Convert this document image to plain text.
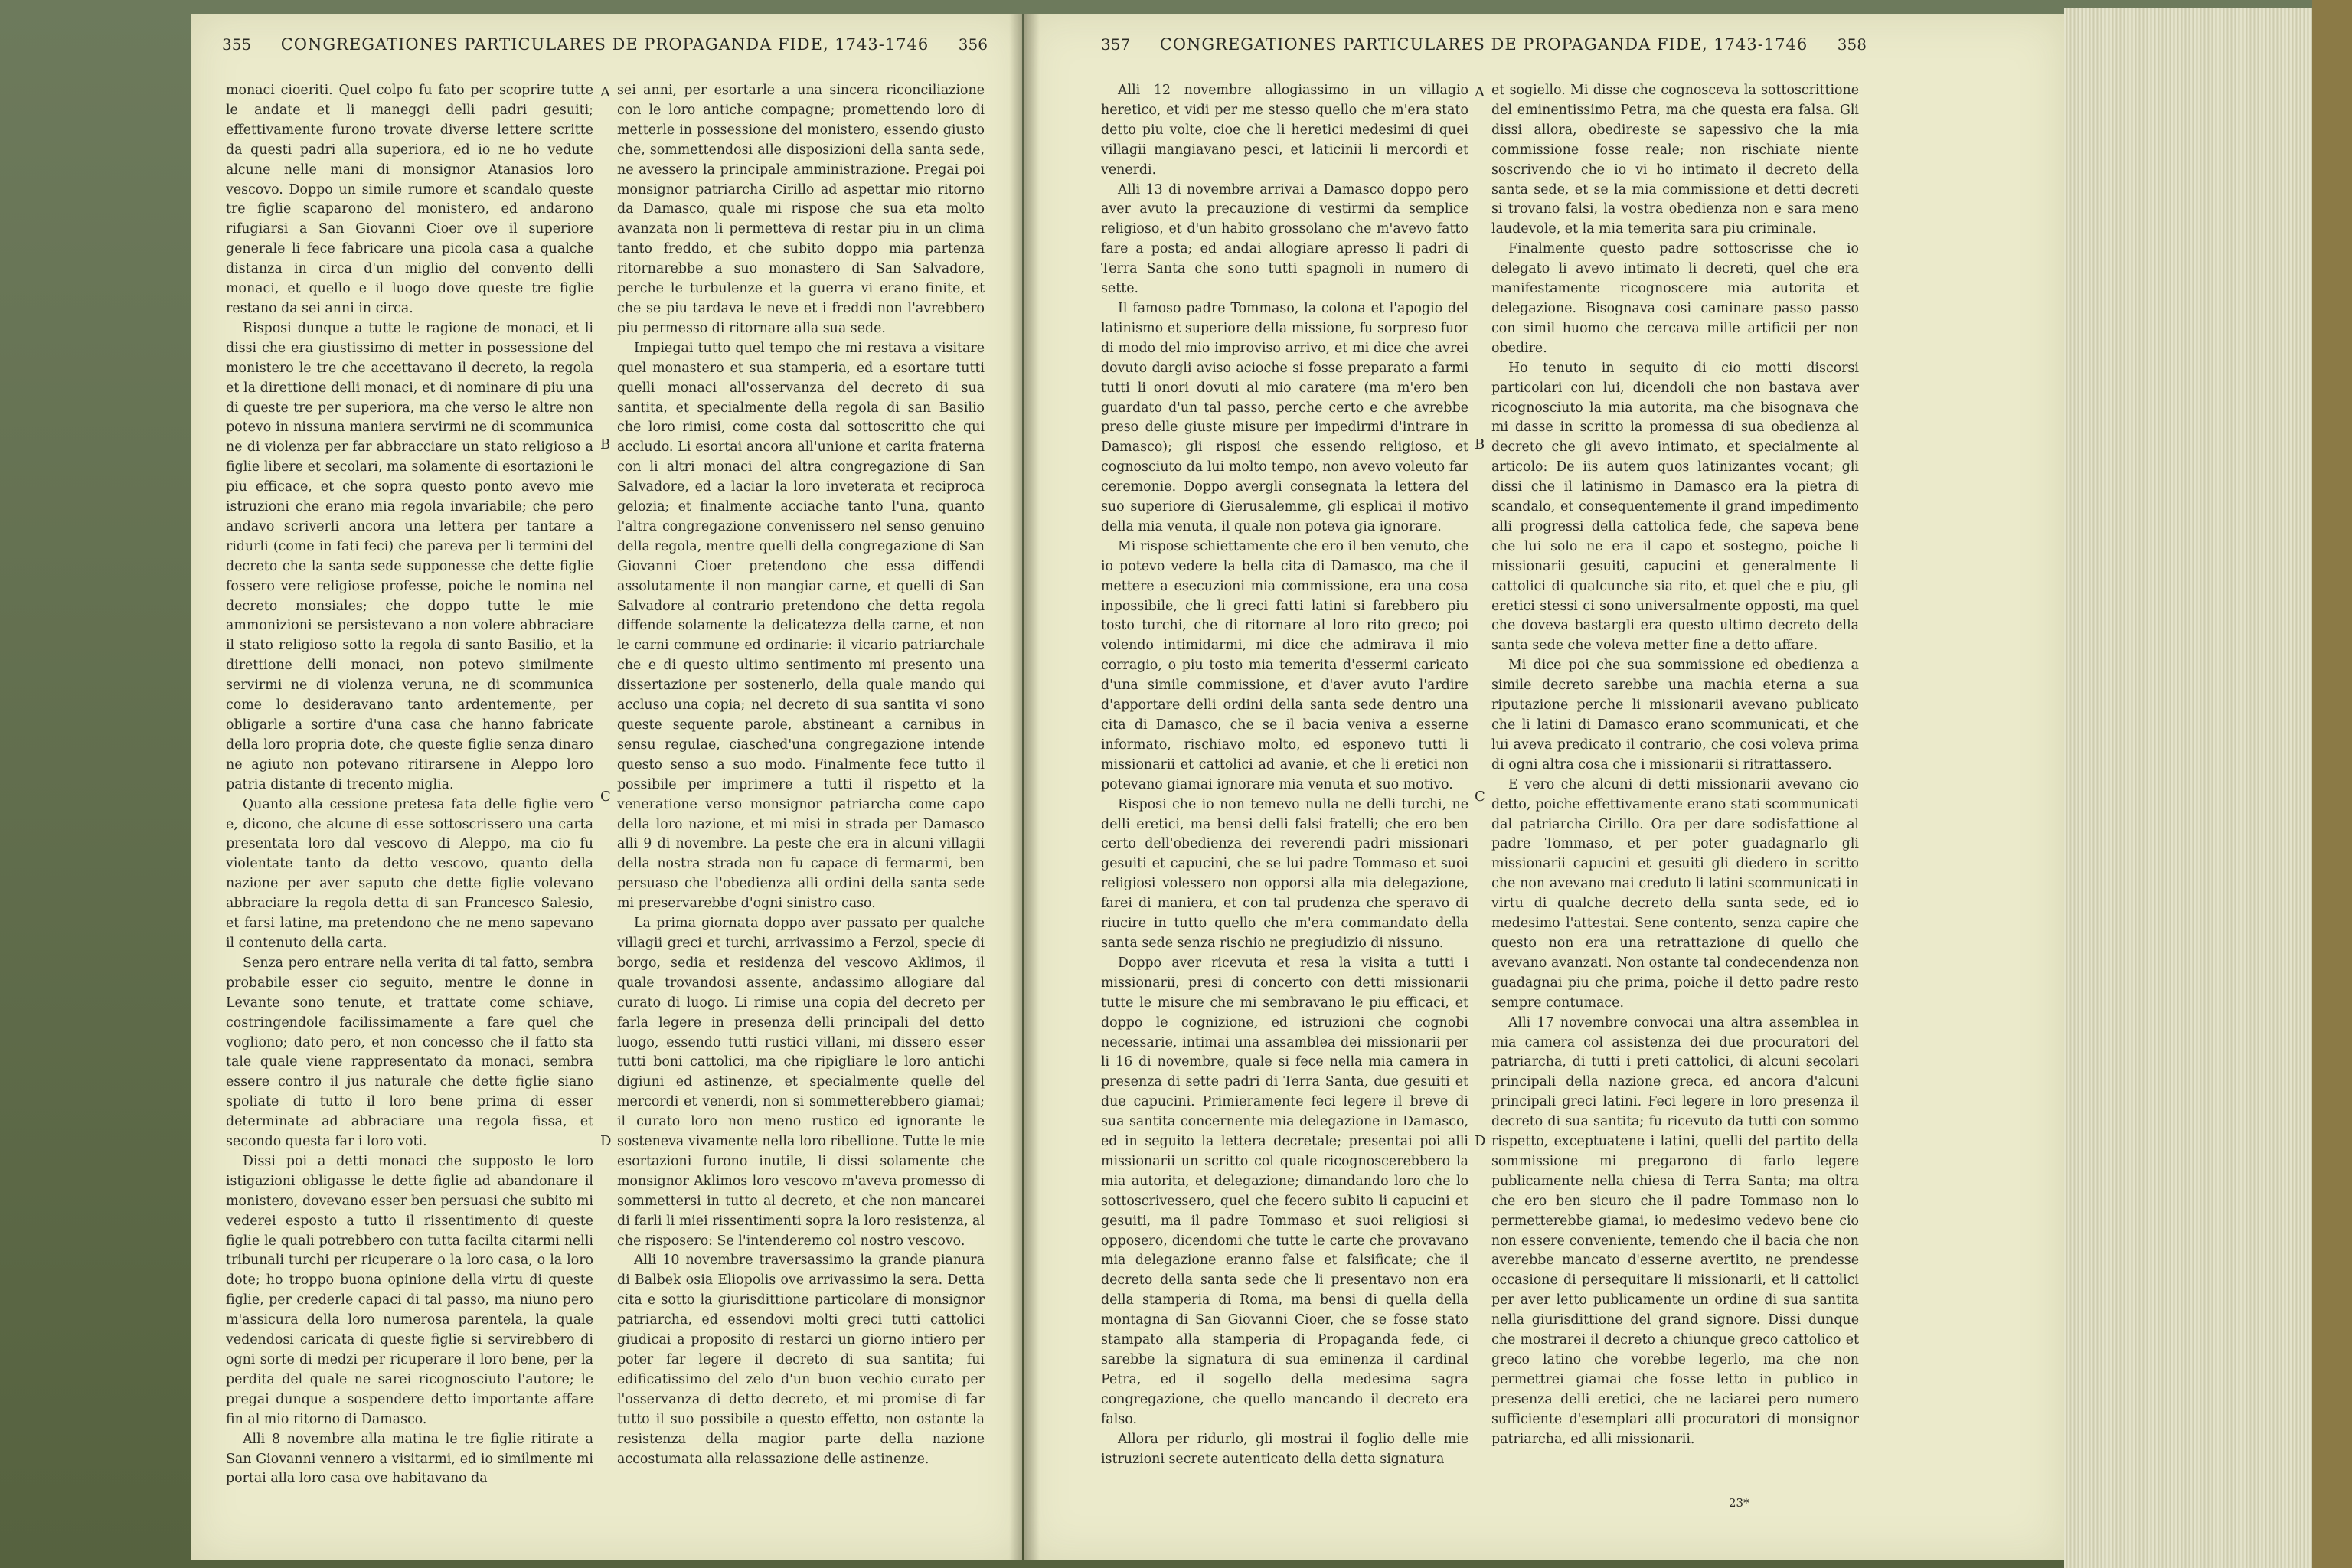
355 CONGREGATIONES PARTICULARES DE PROPAGANDA FIDE, 1743-1746 356

monaci cioeriti. Quel colpo fu fato per scoprire tutte le andate et li maneggi delli padri gesuiti; effettivamente furono trovate diverse lettere scritte da questi padri alla superiora, ed io ne ho vedute alcune nelle mani di monsignor Atanasios loro vescovo. Doppo un simile rumore et scandalo queste tre figlie scaparono del monistero, ed andarono rifugiarsi a San Giovanni Cioer ove il superiore generale li fece fabricare una picola casa a qualche distanza in circa d'un miglio del convento delli monaci, et quello e il luogo dove queste tre figlie restano da sei anni in circa.

Risposi dunque a tutte le ragione de monaci, et li dissi che era giustissimo di metter in possessione del monistero le tre che accettavano il decreto, la regola et la direttione delli monaci, et di nominare di piu una di queste tre per superiora, ma che verso le altre non potevo in nissuna maniera servirmi ne di scommunica ne di violenza per far abbracciare un stato religioso a figlie libere et secolari, ma solamente di esortazioni le piu efficace, et che sopra questo ponto avevo mie istruzioni che erano mia regola invariabile; che pero andavo scriverli ancora una lettera per tantare a ridurli (come in fati feci) che pareva per li termini del decreto che la santa sede supponesse che dette figlie fossero vere religiose professe, poiche le nomina nel decreto monsiales; che doppo tutte le mie ammonizioni se persistevano a non volere abbraciare il stato religioso sotto la regola di santo Basilio, et la direttione delli monaci, non potevo similmente servirmi ne di violenza veruna, ne di scommunica come lo desideravano tanto ardentemente, per obligarle a sortire d'una casa che hanno fabricate della loro propria dote, che queste figlie senza dinaro ne agiuto non potevano ritirarsene in Aleppo loro patria distante di trecento miglia.

Quanto alla cessione pretesa fata delle figlie vero e, dicono, che alcune di esse sottoscrissero una carta presentata loro dal vescovo di Aleppo, ma cio fu violentate tanto da detto vescovo, quanto della nazione per aver saputo che dette figlie volevano abbraciare la regola detta di san Francesco Salesio, et farsi latine, ma pretendono che ne meno sapevano il contenuto della carta.

Senza pero entrare nella verita di tal fatto, sembra probabile esser cio seguito, mentre le donne in Levante sono tenute, et trattate come schiave, costringendole facilissimamente a fare quel che vogliono; dato pero, et non concesso che il fatto sta tale quale viene rappresentato da monaci, sembra essere contro il jus naturale che dette figlie siano spoliate di tutto il loro bene prima di esser determinate ad abbraciare una regola fissa, et secondo questa far i loro voti.

Dissi poi a detti monaci che supposto le loro istigazioni obligasse le dette figlie ad abandonare il monistero, dovevano esser ben persuasi che subito mi vederei esposto a tutto il rissentimento di queste figlie le quali potrebbero con tutta facilta citarmi nelli tribunali turchi per ricuperare o la loro casa, o la loro dote; ho troppo buona opinione della virtu di queste figlie, per crederle capaci di tal passo, ma niuno pero m'assicura della loro numerosa parentela, la quale vedendosi caricata di queste figlie si servirebbero di ogni sorte di medzi per ricuperare il loro bene, per la perdita del quale ne sarei ricognosciuto l'autore; le pregai dunque a sospendere detto importante affare fin al mio ritorno di Damasco.

Alli 8 novembre alla matina le tre figlie ritirate a San Giovanni vennero a visitarmi, ed io similmente mi portai alla loro casa ove habitavano da

A
B
C
D

sei anni, per esortarle a una sincera riconciliazione con le loro antiche compagne; promettendo loro di metterle in possessione del monistero, essendo giusto che, sommettendosi alle disposizioni della santa sede, ne avessero la principale amministrazione. Pregai poi monsignor patriarcha Cirillo ad aspettar mio ritorno da Damasco, quale mi rispose che sua eta molto avanzata non li permetteva di restar piu in un clima tanto freddo, et che subito doppo mia partenza ritornarebbe a suo monastero di San Salvadore, perche le turbulenze et la guerra vi erano finite, et che se piu tardava le neve et i freddi non l'avrebbero piu permesso di ritornare alla sua sede.

Impiegai tutto quel tempo che mi restava a visitare quel monastero et sua stamperia, ed a esortare tutti quelli monaci all'osservanza del decreto di sua santita, et specialmente della regola di san Basilio che loro rimisi, come costa dal sottoscritto che qui accludo. Li esortai ancora all'unione et carita fraterna con li altri monaci del altra congregazione di San Salvadore, ed a laciar la loro inveterata et reciproca gelozia; et finalmente acciache tanto l'una, quanto l'altra congregazione convenissero nel senso genuino della regola, mentre quelli della congregazione di San Giovanni Cioer pretendono che essa diffendi assolutamente il non mangiar carne, et quelli di San Salvadore al contrario pretendono che detta regola diffende solamente la delicatezza della carne, et non le carni commune ed ordinarie: il vicario patriarchale che e di questo ultimo sentimento mi presento una dissertazione per sostenerlo, della quale mando qui accluso una copia; nel decreto di sua santita vi sono queste sequente parole, abstineant a carnibus in sensu regulae, ciasched'una congregazione intende questo senso a suo modo. Finalmente fece tutto il possibile per imprimere a tutti il rispetto et la veneratione verso monsignor patriarcha come capo della loro nazione, et mi misi in strada per Damasco alli 9 di novembre. La peste che era in alcuni villagii della nostra strada non fu capace di fermarmi, ben persuaso che l'obedienza alli ordini della santa sede mi preservarebbe d'ogni sinistro caso.

La prima giornata doppo aver passato per qualche villagii greci et turchi, arrivassimo a Ferzol, specie di borgo, sedia et residenza del vescovo Aklimos, il quale trovandosi assente, andassimo allogiare dal curato di luogo. Li rimise una copia del decreto per farla legere in presenza delli principali del detto luogo, essendo tutti rustici villani, mi dissero esser tutti boni cattolici, ma che ripigliare le loro antichi digiuni ed astinenze, et specialmente quelle del mercordi et venerdi, non si sommetterebbero giamai; il curato loro non meno rustico ed ignorante le sosteneva vivamente nella loro ribellione. Tutte le mie esortazioni furono inutile, li dissi solamente che monsignor Aklimos loro vescovo m'aveva promesso di sommettersi in tutto al decreto, et che non mancarei di farli li miei rissentimenti sopra la loro resistenza, al che risposero: Se l'intenderemo col nostro vescovo.

Alli 10 novembre traversassimo la grande pianura di Balbek osia Eliopolis ove arrivassimo la sera. Detta cita e sotto la giurisdittione particolare di monsignor patriarcha, ed essendovi molti greci tutti cattolici giudicai a proposito di restarci un giorno intiero per poter far legere il decreto di sua santita; fui edificatissimo del zelo d'un buon vechio curato per l'osservanza di detto decreto, et mi promise di far tutto il suo possibile a questo effetto, non ostante la resistenza della magior parte della nazione accostumata alla relassazione delle astinenze.

357 CONGREGATIONES PARTICULARES DE PROPAGANDA FIDE, 1743-1746 358

Alli 12 novembre allogiassimo in un villagio heretico, et vidi per me stesso quello che m'era stato detto piu volte, cioe che li heretici medesimi di quei villagii mangiavano pesci, et laticinii li mercordi et venerdi.

Alli 13 di novembre arrivai a Damasco doppo pero aver avuto la precauzione di vestirmi da semplice religioso, et d'un habito grossolano che m'avevo fatto fare a posta; ed andai allogiare apresso li padri di Terra Santa che sono tutti spagnoli in numero di sette.

Il famoso padre Tommaso, la colona et l'apogio del latinismo et superiore della missione, fu sorpreso fuor di modo del mio improviso arrivo, et mi dice che avrei dovuto dargli aviso acioche si fosse preparato a farmi tutti li onori dovuti al mio caratere (ma m'ero ben guardato d'un tal passo, perche certo e che avrebbe preso delle giuste misure per impedirmi d'intrare in Damasco); gli risposi che essendo religioso, et cognosciuto da lui molto tempo, non avevo voleuto far ceremonie. Doppo avergli consegnata la lettera del suo superiore di Gierusalemme, gli esplicai il motivo della mia venuta, il quale non poteva gia ignorare.

Mi rispose schiettamente che ero il ben venuto, che io potevo vedere la bella cita di Damasco, ma che il mettere a esecuzioni mia commissione, era una cosa inpossibile, che li greci fatti latini si farebbero piu tosto turchi, che di ritornare al loro rito greco; poi volendo intimidarmi, mi dice che admirava il mio corragio, o piu tosto mia temerita d'essermi caricato d'una simile commissione, et d'aver avuto l'ardire d'apportare delli ordini della santa sede dentro una cita di Damasco, che se il bacia veniva a esserne informato, rischiavo molto, ed esponevo tutti li missionarii et cattolici ad avanie, et che li eretici non potevano giamai ignorare mia venuta et suo motivo.

Risposi che io non temevo nulla ne delli turchi, ne delli eretici, ma bensi delli falsi fratelli; che ero ben certo dell'obedienza dei reverendi padri missionari gesuiti et capucini, che se lui padre Tommaso et suoi religiosi volessero non opporsi alla mia delegazione, farei di maniera, et con tal prudenza che speravo di riucire in tutto quello che m'era commandato della santa sede senza rischio ne pregiudizio di nissuno.

Doppo aver ricevuta et resa la visita a tutti i missionarii, presi di concerto con detti missionarii tutte le misure che mi sembravano le piu efficaci, et doppo le cognizione, ed istruzioni che cognobi necessarie, intimai una assamblea dei missionarii per li 16 di novembre, quale si fece nella mia camera in presenza di sette padri di Terra Santa, due gesuiti et due capucini. Primieramente feci legere il breve di sua santita concernente mia delegazione in Damasco, ed in seguito la lettera decretale; presentai poi alli missionarii un scritto col quale ricognoscerebbero la mia autorita, et delegazione; dimandando loro che lo sottoscrivessero, quel che fecero subito li capucini et gesuiti, ma il padre Tommaso et suoi religiosi si opposero, dicendomi che tutte le carte che provavano mia delegazione eranno false et falsificate; che il decreto della santa sede che li presentavo non era della stamperia di Roma, ma bensi di quella della montagna di San Giovanni Cioer, che se fosse stato stampato alla stamperia di Propaganda fede, ci sarebbe la signatura di sua eminenza il cardinal Petra, ed il sogello della medesima sagra congregazione, che quello mancando il decreto era falso.

Allora per ridurlo, gli mostrai il foglio delle mie istruzioni secrete autenticato della detta signatura

A
B
C
D

et sogiello. Mi disse che cognosceva la sottoscrittione del eminentissimo Petra, ma che questa era falsa. Gli dissi allora, obedireste se sapessivo che la mia commissione fosse reale; non rischiate niente soscrivendo che io vi ho intimato il decreto della santa sede, et se la mia commissione et detti decreti si trovano falsi, la vostra obedienza non e sara meno laudevole, et la mia temerita sara piu criminale.

Finalmente questo padre sottoscrisse che io delegato li avevo intimato li decreti, quel che era manifestamente ricognoscere mia autorita et delegazione. Bisognava cosi caminare passo passo con simil huomo che cercava mille artificii per non obedire.

Ho tenuto in sequito di cio motti discorsi particolari con lui, dicendoli che non bastava aver ricognosciuto la mia autorita, ma che bisognava che mi dasse in scritto la promessa di sua obedienza al decreto che gli avevo intimato, et specialmente al articolo: De iis autem quos latinizantes vocant; gli dissi che il latinismo in Damasco era la pietra di scandalo, et consequentemente il grand impedimento alli progressi della cattolica fede, che sapeva bene che lui solo ne era il capo et sostegno, poiche li missionarii gesuiti, capucini et generalmente li cattolici di qualcunche sia rito, et quel che e piu, gli eretici stessi ci sono universalmente opposti, ma quel che doveva bastargli era questo ultimo decreto della santa sede che voleva metter fine a detto affare.

Mi dice poi che sua sommissione ed obedienza a simile decreto sarebbe una machia eterna a sua riputazione perche li missionarii avevano publicato che li latini di Damasco erano scommunicati, et che lui aveva predicato il contrario, che cosi voleva prima di ogni altra cosa che i missionarii si ritrattassero.

E vero che alcuni di detti missionarii avevano cio detto, poiche effettivamente erano stati scommunicati dal patriarcha Cirillo. Ora per dare sodisfattione al padre Tommaso, et per poter guadagnarlo gli missionarii capucini et gesuiti gli diedero in scritto che non avevano mai creduto li latini scommunicati in virtu di qualche decreto della santa sede, ed io medesimo l'attestai. Sene contento, senza capire che questo non era una retrattazione di quello che avevano avanzati. Non ostante tal condecendenza non guadagnai piu che prima, poiche il detto padre resto sempre contumace.

Alli 17 novembre convocai una altra assemblea in mia camera col assistenza dei due procuratori del patriarcha, di tutti i preti cattolici, di alcuni secolari principali della nazione greca, ed ancora d'alcuni principali greci latini. Feci legere in loro presenza il decreto di sua santita; fu ricevuto da tutti con sommo rispetto, exceptuatene i latini, quelli del partito della sommissione mi pregarono di farlo legere publicamente nella chiesa di Terra Santa; ma oltra che ero ben sicuro che il padre Tommaso non lo permetterebbe giamai, io medesimo vedevo bene cio non essere conveniente, temendo che il bacia che non averebbe mancato d'esserne avertito, ne prendesse occasione di persequitare li missionarii, et li cattolici per aver letto publicamente un ordine di sua santita nella giurisdittione del grand signore. Dissi dunque che mostrarei il decreto a chiunque greco cattolico et greco latino che vorebbe legerlo, ma che non permettrei giamai che fosse letto in publico in presenza delli eretici, che ne laciarei pero numero sufficiente d'esemplari alli procuratori di monsignor patriarcha, ed alli missionarii.

23*
